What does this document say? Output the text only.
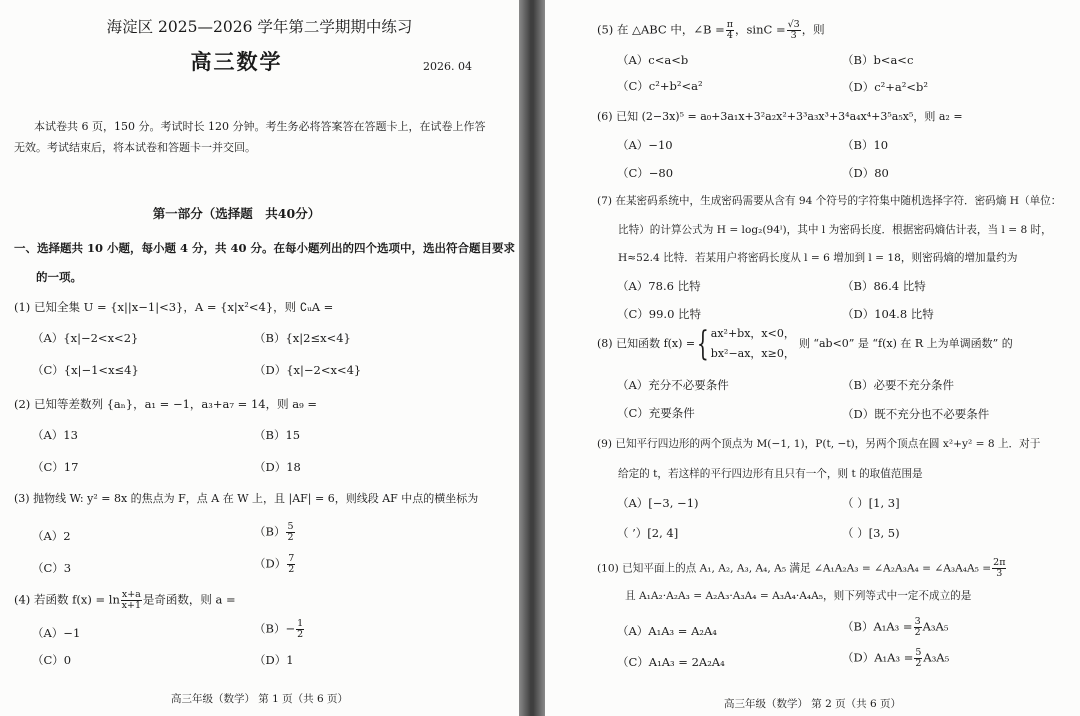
海淀区 2025—2026 学年第二学期期中练习
高三数学	2026. 04
本试卷共 6 页，150 分。考试时长 120 分钟。考生务必将答案答在答题卡上，在试卷上作答
无效。考试结束后，将本试卷和答题卡一并交回。
第一部分（选择题　共40分）
一、选择题共 10 小题，每小题 4 分，共 40 分。在每小题列出的四个选项中，选出符合题目要求
的一项。
(1) 已知全集 U = {x||x−1|<3}，A = {x|x²<4}，则 ∁ᵤA =
（A）{x|−2<x<2}	（B）{x|2≤x<4}
（C）{x|−1<x≤4}	（D）{x|−2<x<4}
(2) 已知等差数列 {aₙ}，a₁ = −1，a₃+a₇ = 14，则 a₉ =
（A）13	（B）15
（C）17	（D）18
(3) 抛物线 W: y² = 8x 的焦点为 F，点 A 在 W 上，且 |AF| = 6，则线段 AF 中点的横坐标为
（A）2	$(B) \frac{5}{2}$
（C）3	$(D) \frac{7}{2}$
(4) 若函数 $f(x) = \ln \frac{x+a}{x+1}$ 是奇函数，则 a =
（A）−1	$(B)- \frac{1}{2}$
（C）0	（D）1
高三年级（数学） 第 1 页（共 6 页）
(5) 在 △ABC 中，∠B = $\frac{\pi}{4}$ ，$\sin C = \frac{√3}{3}$ ，则
（A）c<a<b	（B）b<a<c
（C）c²+b²<a²	（D）c²+a²<b²
(6) 已知 (2−3x)⁵ = a₀+3a₁x+3²a₂x²+3³a₃x³+3⁴a₄x⁴+3⁵a₅x⁵，则 a₂ =
（A）−10	（B）10
（C）−80	（D）80
(7) 在某密码系统中，生成密码需要从含有 94 个符号的字符集中随机选择字符．密码熵 H（单位：
比特）的计算公式为 H = log₂(94ˡ)，其中 l 为密码长度．根据密码熵估计表，当 l = 8 时，
H≈52.4 比特．若某用户将密码长度从 l = 6 增加到 l = 18，则密码熵的增加量约为
（A）78.6 比特	（B）86.4 比特
（C）99.0 比特	（D）104.8 比特
(8) 已知函数 f(x) ={ ax²+bx，x<0，
bx²−ax，x≥0，
则 “ab<0” 是 “f(x) 在 R 上为单调函数” 的
（A）充分不必要条件	（B）必要不充分条件
（C）充要条件	（D）既不充分也不必要条件
(9) 已知平行四边形的两个顶点为 M(−1, 1)，P(t, −t)，另两个顶点在圆 x²+y² = 8 上．对于
给定的 t，若这样的平行四边形有且只有一个，则 t 的取值范围是
（A）[−3, −1)	（ ）[1, 3]
（ ’）[2, 4]	（ ）[3, 5)
(10) 已知平面上的点 A₁, A₂, A₃, A₄, A₅ 满足 ∠A₁A₂A₃ = ∠A₂A₃A₄ = ∠A₃A₄A₅ = $\frac{2\pi}{3}$
且 A₁A₂·A₂A₃ = A₂A₃·A₃A₄ = A₃A₄·A₄A₅，则下列等式中一定不成立的是
（A）A₁A₃ = A₂A₄	$(B)A_1A_3 = \frac{3}{2} A_3A_5$
（C）A₁A₃ = 2A₂A₄	$(D)A_1A_3 = \frac{5}{2} A_3A_5$
高三年级（数学） 第 2 页（共 6 页）
